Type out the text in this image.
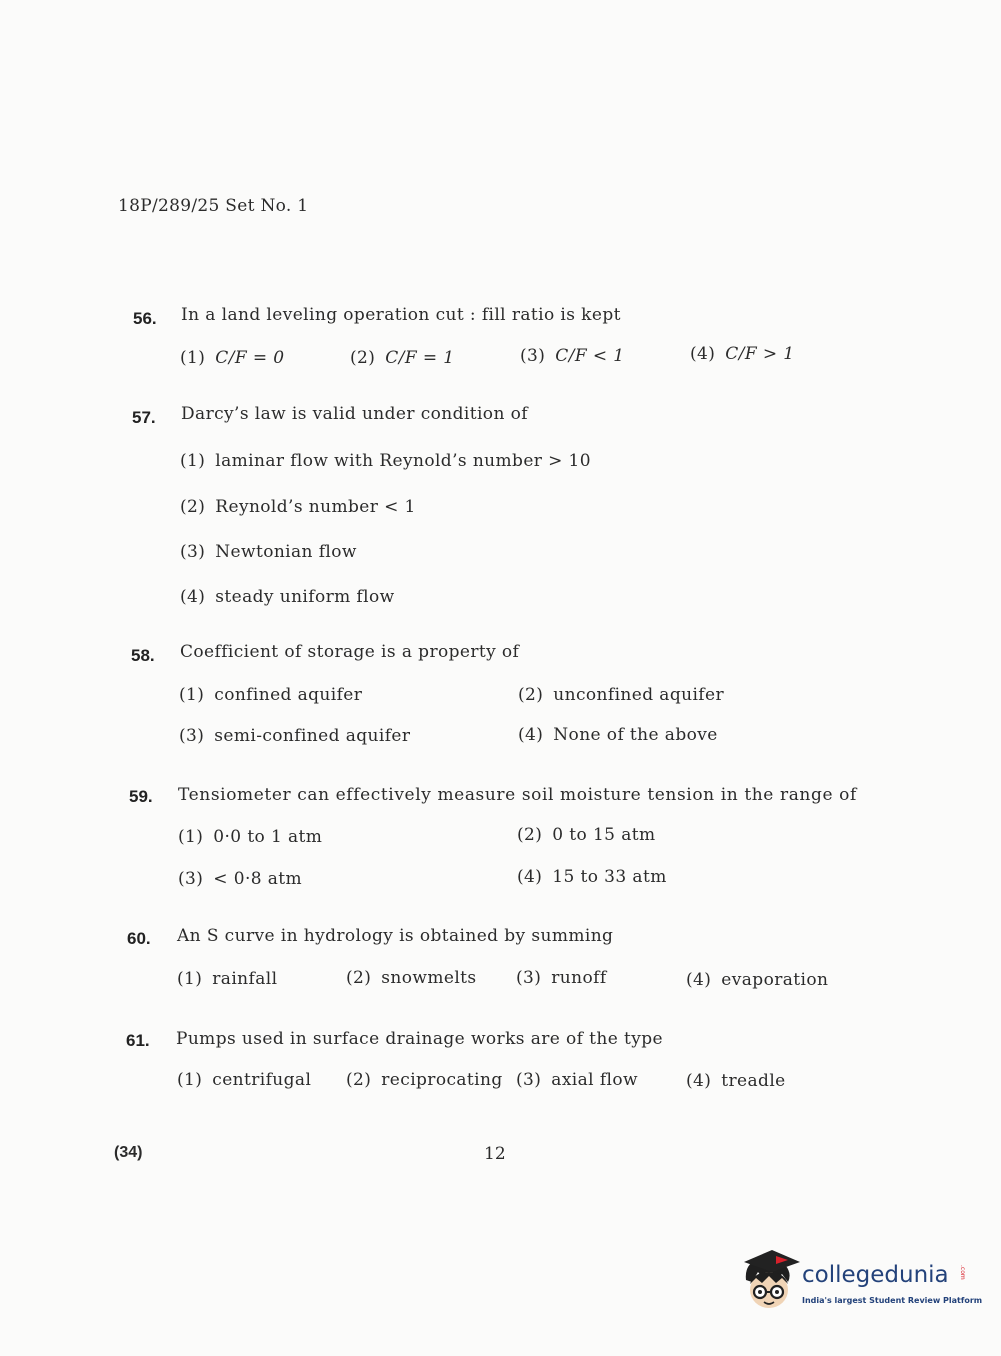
18P/289/25 Set No. 1
56. In a land leveling operation cut : fill ratio is kept
(1) C/F = 0	(2) C/F = 1	(3) C/F < 1	(4) C/F > 1
57. Darcy’s law is valid under condition of
(1) laminar flow with Reynold’s number > 10
(2) Reynold’s number < 1
(3) Newtonian flow
(4) steady uniform flow
58. Coefficient of storage is a property of
(1) confined aquifer	(2) unconfined aquifer
(3) semi-confined aquifer	(4) None of the above
59. Tensiometer can effectively measure soil moisture tension in the range of
(1) 0·0 to 1 atm	(2) 0 to 15 atm
(3) < 0·8 atm	(4) 15 to 33 atm
60. An S curve in hydrology is obtained by summing
(1) rainfall	(2) snowmelts (3) runoff	(4) evaporation
61. Pumps used in surface drainage works are of the type
(1) centrifugal (2) reciprocating (3) axial flow	(4) treadle
(34)	12
collegedunia .com
India's largest Student Review Platform
